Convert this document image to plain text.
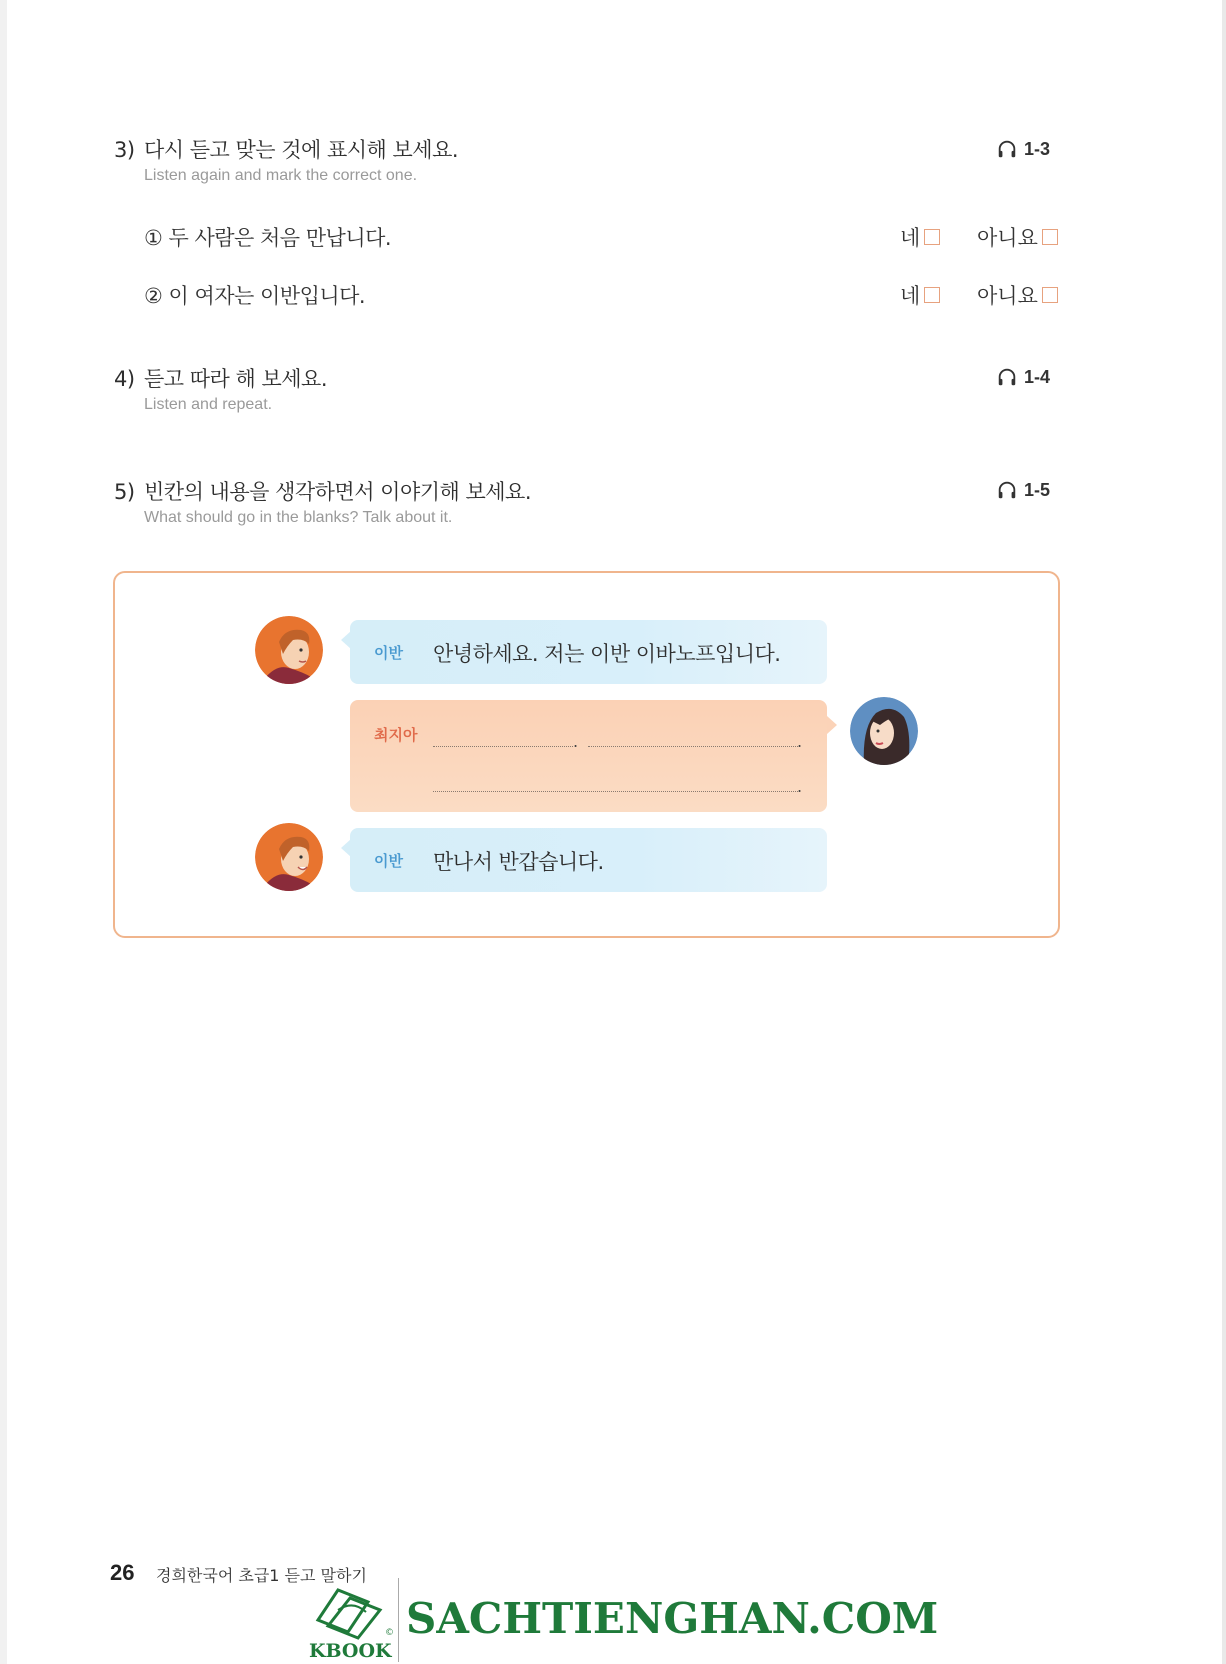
3) 다시 듣고 맞는 것에 표시해 보세요.
Listen again and mark the correct one.
1-3
① 두 사람은 처음 만납니다.	네	아니요
② 이 여자는 이반입니다.	네	아니요
4) 듣고 따라 해 보세요.
Listen and repeat.
1-4
5) 빈칸의 내용을 생각하면서 이야기해 보세요.
What should go in the blanks? Talk about it.
1-5
이반 안녕하세요. 저는 이반 이바노프입니다.
최지아	.	.
.
이반 만나서 반갑습니다.
26 경희한국어 초급1 듣고 말하기
KBOOK
© SACHTIENGHAN.COM
